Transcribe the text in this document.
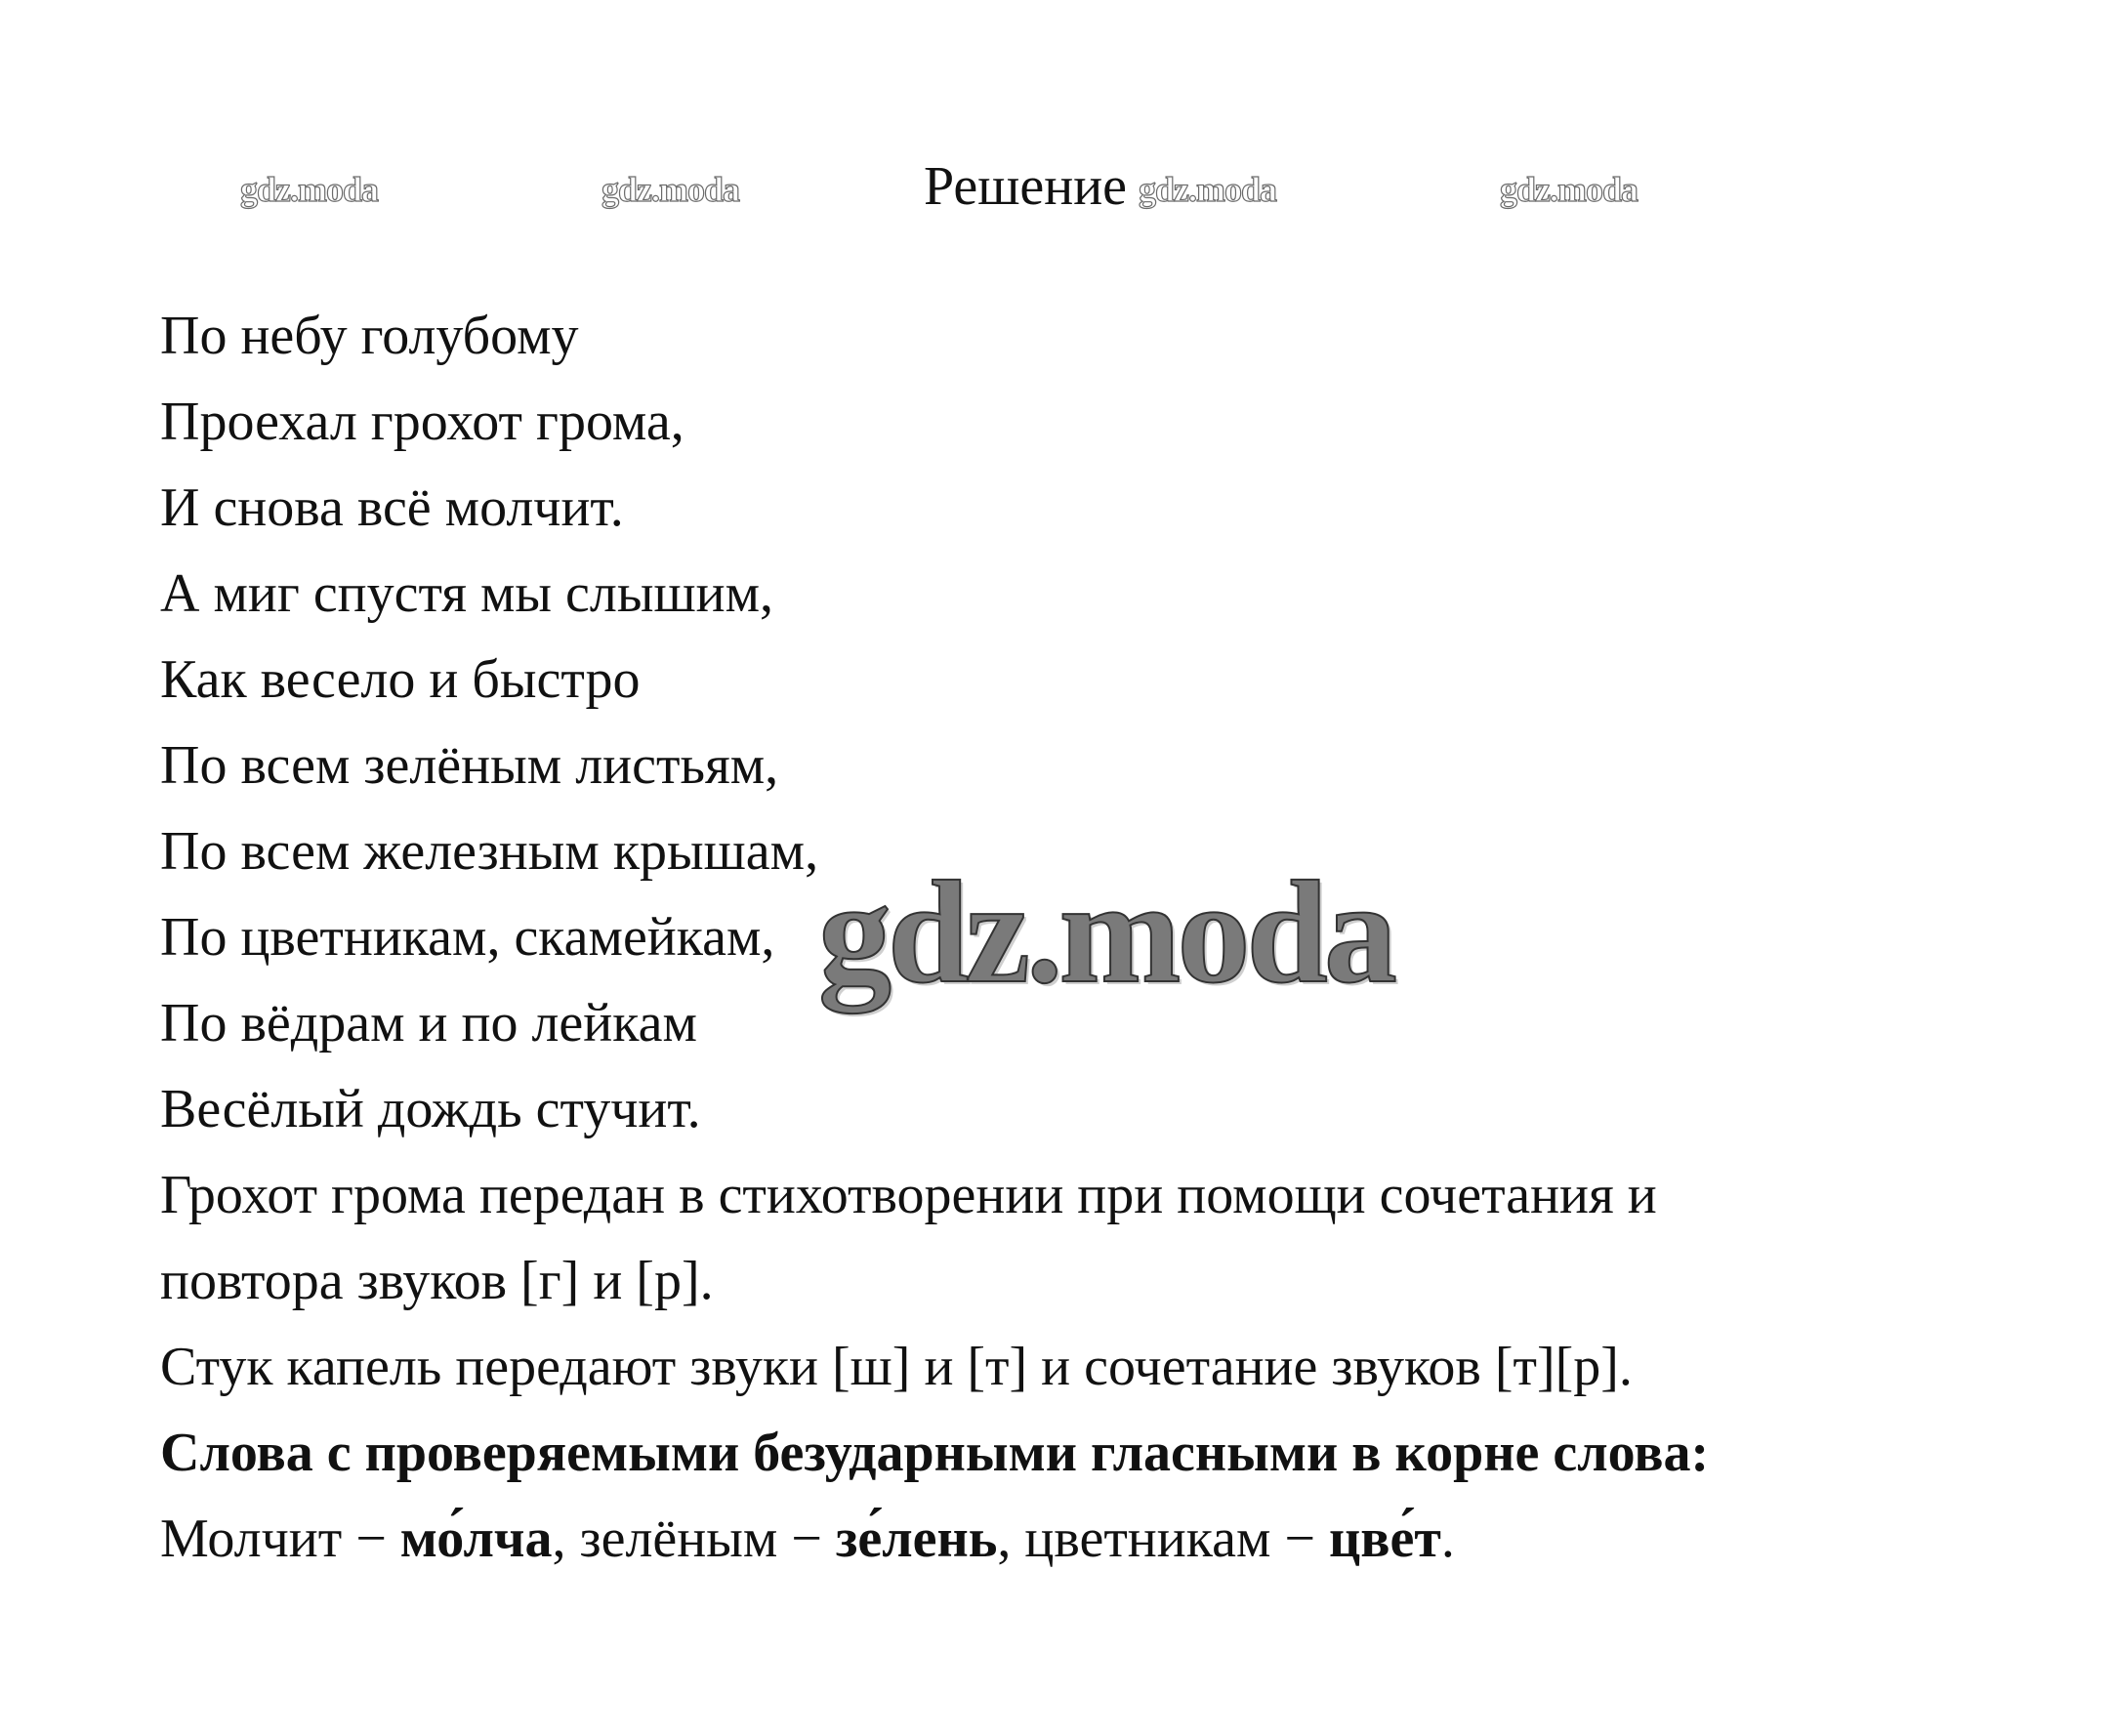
gdz.moda	gdz.moda	Решение gdz.moda	gdz.moda
По небу голубому
Проехал грохот грома,
И снова всё молчит.
А миг спустя мы слышим,
Как весело и быстро
По всем зелёным листьям,
По всем железным крышам,
По цветникам, скамейкам,
По вёдрам и по лейкам
Весёлый дождь стучит.
Грохот грома передан в стихотворении при помощи сочетания и
повтора звуков [г] и [р].
Стук капель передают звуки [ш] и [т] и сочетание звуков [т][р].
Слова с проверяемыми безударными гласными в корне слова:
Молчит − мо́лча, зелёным − зе́лень, цветникам − цве́т.
gdz.moda
